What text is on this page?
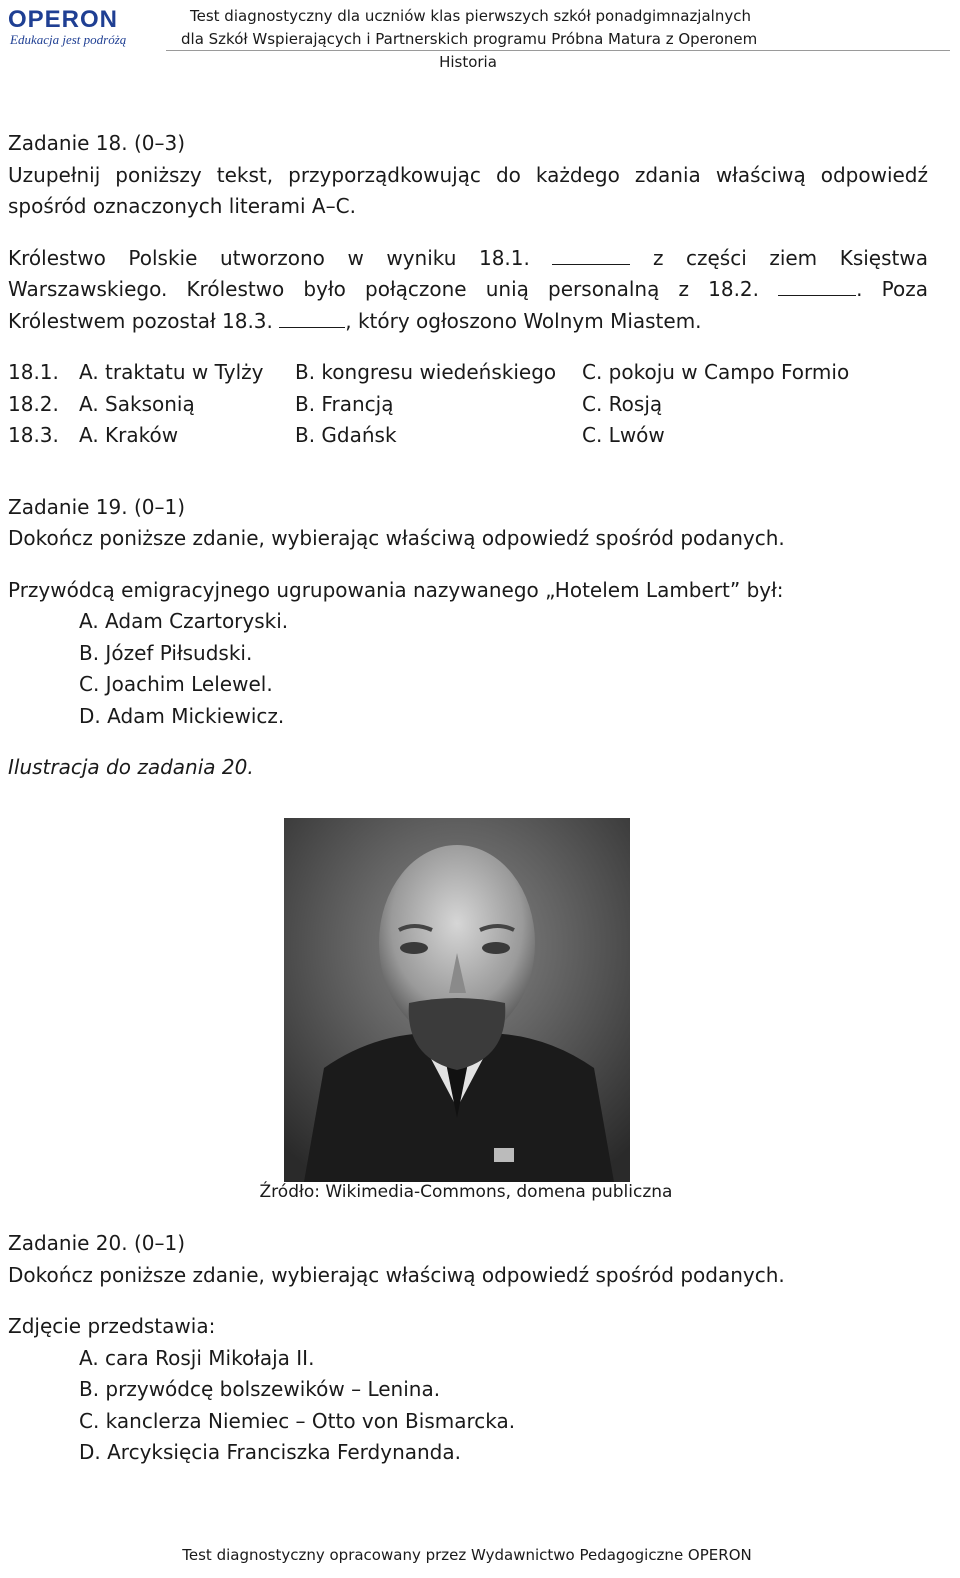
OPERON
Edukacja jest podróżą
Test diagnostyczny dla uczniów klas pierwszych szkół ponadgimnazjalnych
dla Szkół Wspierających i Partnerskich programu Próbna Matura z Operonem
Historia

Zadanie 18. (0–3)

Uzupełnij poniższy tekst, przyporządkowując do każdego zdania właściwą odpowiedź

spośród oznaczonych literami A–C.

Królestwo Polskie utworzono w wyniku 18.1.	z części ziem Księstwa

Warszawskiego. Królestwo było połączone unią personalną z 18.2.	. Poza

Królestwem pozostał 18.3.	, który ogłoszono Wolnym Miastem.

18.1.	A. traktatu w Tylży	B. kongresu wiedeńskiego	C. pokoju w Campo Formio
18.2.	A. Saksonią	B. Francją	C. Rosją
18.3.	A. Kraków	B. Gdańsk	C. Lwów

Zadanie 19. (0–1)

Dokończ poniższe zdanie, wybierając właściwą odpowiedź spośród podanych.

Przywódcą emigracyjnego ugrupowania nazywanego „Hotelem Lambert” był:

A. Adam Czartoryski.

B. Józef Piłsudski.

C. Joachim Lelewel.

D. Adam Mickiewicz.

Ilustracja do zadania 20.

Źródło: Wikimedia-Commons, domena publiczna

Zadanie 20. (0–1)

Dokończ poniższe zdanie, wybierając właściwą odpowiedź spośród podanych.

Zdjęcie przedstawia:

A. cara Rosji Mikołaja II.

B. przywódcę bolszewików – Lenina.

C. kanclerza Niemiec – Otto von Bismarcka.

D. Arcyksięcia Franciszka Ferdynanda.

Test diagnostyczny opracowany przez Wydawnictwo Pedagogiczne OPERON
